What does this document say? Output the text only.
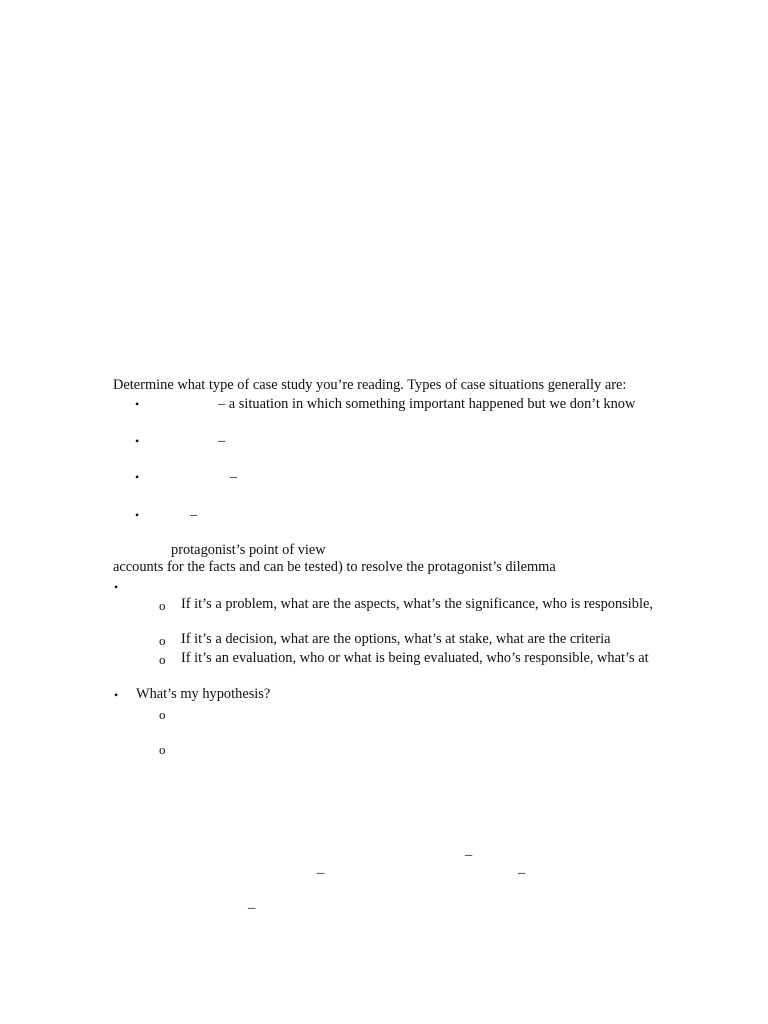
Determine what type of case study you’re reading. Types of case situations generally are:
•	– a situation in which something important happened but we don’t know
•	–
•	–
•	–
protagonist’s point of view
accounts for the facts and can be tested) to resolve the protagonist’s dilemma
•
o If it’s a problem, what are the aspects, what’s the significance, who is responsible,
o If it’s a decision, what are the options, what’s at stake, what are the criteria
o If it’s an evaluation, who or what is being evaluated, who’s responsible, what’s at
• What’s my hypothesis?
o
o
–
–	–
–
